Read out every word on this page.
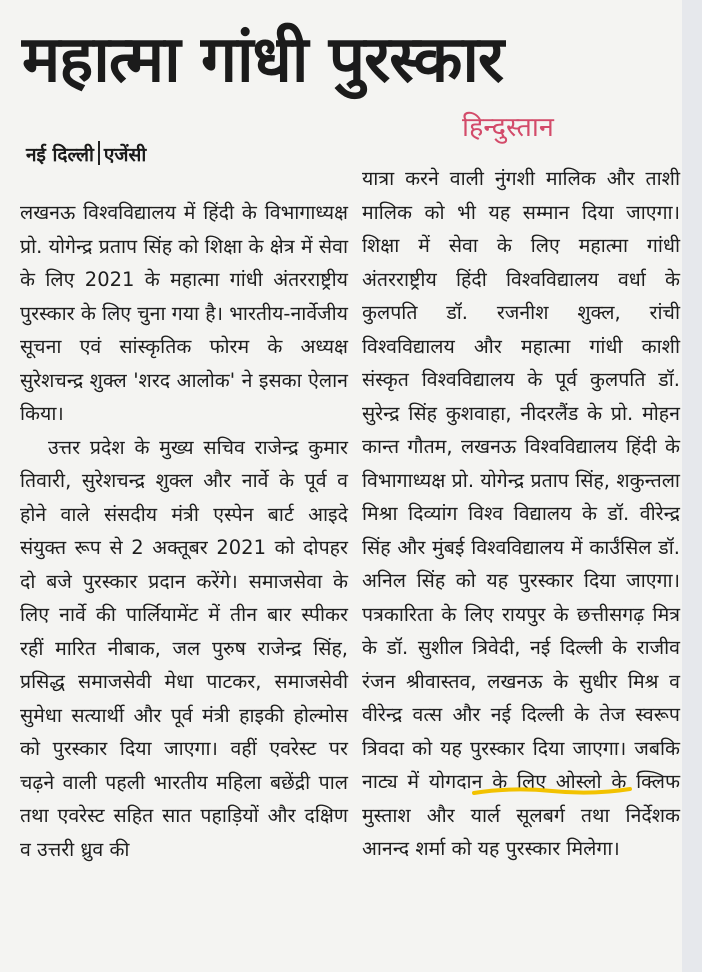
महात्मा गांधी पुरस्कार
हिन्दुस्तान
नई दिल्ली एजेंसी

लखनऊ विश्वविद्यालय में हिंदी के विभागाध्यक्ष प्रो. योगेन्द्र प्रताप सिंह को शिक्षा के क्षेत्र में सेवा के लिए 2021 के महात्मा गांधी अंतरराष्ट्रीय पुरस्कार के लिए चुना गया है। भारतीय-नार्वेजीय सूचना एवं सांस्कृतिक फोरम के अध्यक्ष सुरेशचन्द्र शुक्ल 'शरद आलोक' ने इसका ऐलान किया।

उत्तर प्रदेश के मुख्य सचिव राजेन्द्र कुमार तिवारी, सुरेशचन्द्र शुक्ल और नार्वे के पूर्व व होने वाले संसदीय मंत्री एस्पेन बार्ट आइदे संयुक्त रूप से 2 अक्तूबर 2021 को दोपहर दो बजे पुरस्कार प्रदान करेंगे। समाजसेवा के लिए नार्वे की पार्लियामेंट में तीन बार स्पीकर रहीं मारित नीबाक, जल पुरुष राजेन्द्र सिंह, प्रसिद्ध समाजसेवी मेधा पाटकर, समाजसेवी सुमेधा सत्यार्थी और पूर्व मंत्री हाइकी होल्मोस को पुरस्कार दिया जाएगा। वहीं एवरेस्ट पर चढ़ने वाली पहली भारतीय महिला बछेंद्री पाल तथा एवरेस्ट सहित सात पहाड़ियों और दक्षिण व उत्तरी ध्रुव की

यात्रा करने वाली नुंगशी मालिक और ताशी मालिक को भी यह सम्मान दिया जाएगा। शिक्षा में सेवा के लिए महात्मा गांधी अंतरराष्ट्रीय हिंदी विश्वविद्यालय वर्धा के कुलपति डॉ. रजनीश शुक्ल, रांची विश्वविद्यालय और महात्मा गांधी काशी संस्कृत विश्वविद्यालय के पूर्व कुलपति डॉ. सुरेन्द्र सिंह कुशवाहा, नीदरलैंड के प्रो. मोहन कान्त गौतम, लखनऊ विश्वविद्यालय हिंदी के विभागाध्यक्ष प्रो. योगेन्द्र प्रताप सिंह, शकुन्तला मिश्रा दिव्यांग विश्व विद्यालय के डॉ. वीरेन्द्र सिंह और मुंबई विश्वविद्यालय में कार्उंसिल डॉ. अनिल सिंह को यह पुरस्कार दिया जाएगा। पत्रकारिता के लिए रायपुर के छत्तीसगढ़ मित्र के डॉ. सुशील त्रिवेदी, नई दिल्ली के राजीव रंजन श्रीवास्तव, लखनऊ के सुधीर मिश्र व वीरेन्द्र वत्स और नई दिल्ली के तेज स्वरूप त्रिवदा को यह पुरस्कार दिया जाएगा। जबकि नाट्य में योगदान के लिए ओस्लो के क्लिफ मुस्ताश और यार्ल सूलबर्ग तथा निर्देशक आनन्द शर्मा को यह पुरस्कार मिलेगा।
